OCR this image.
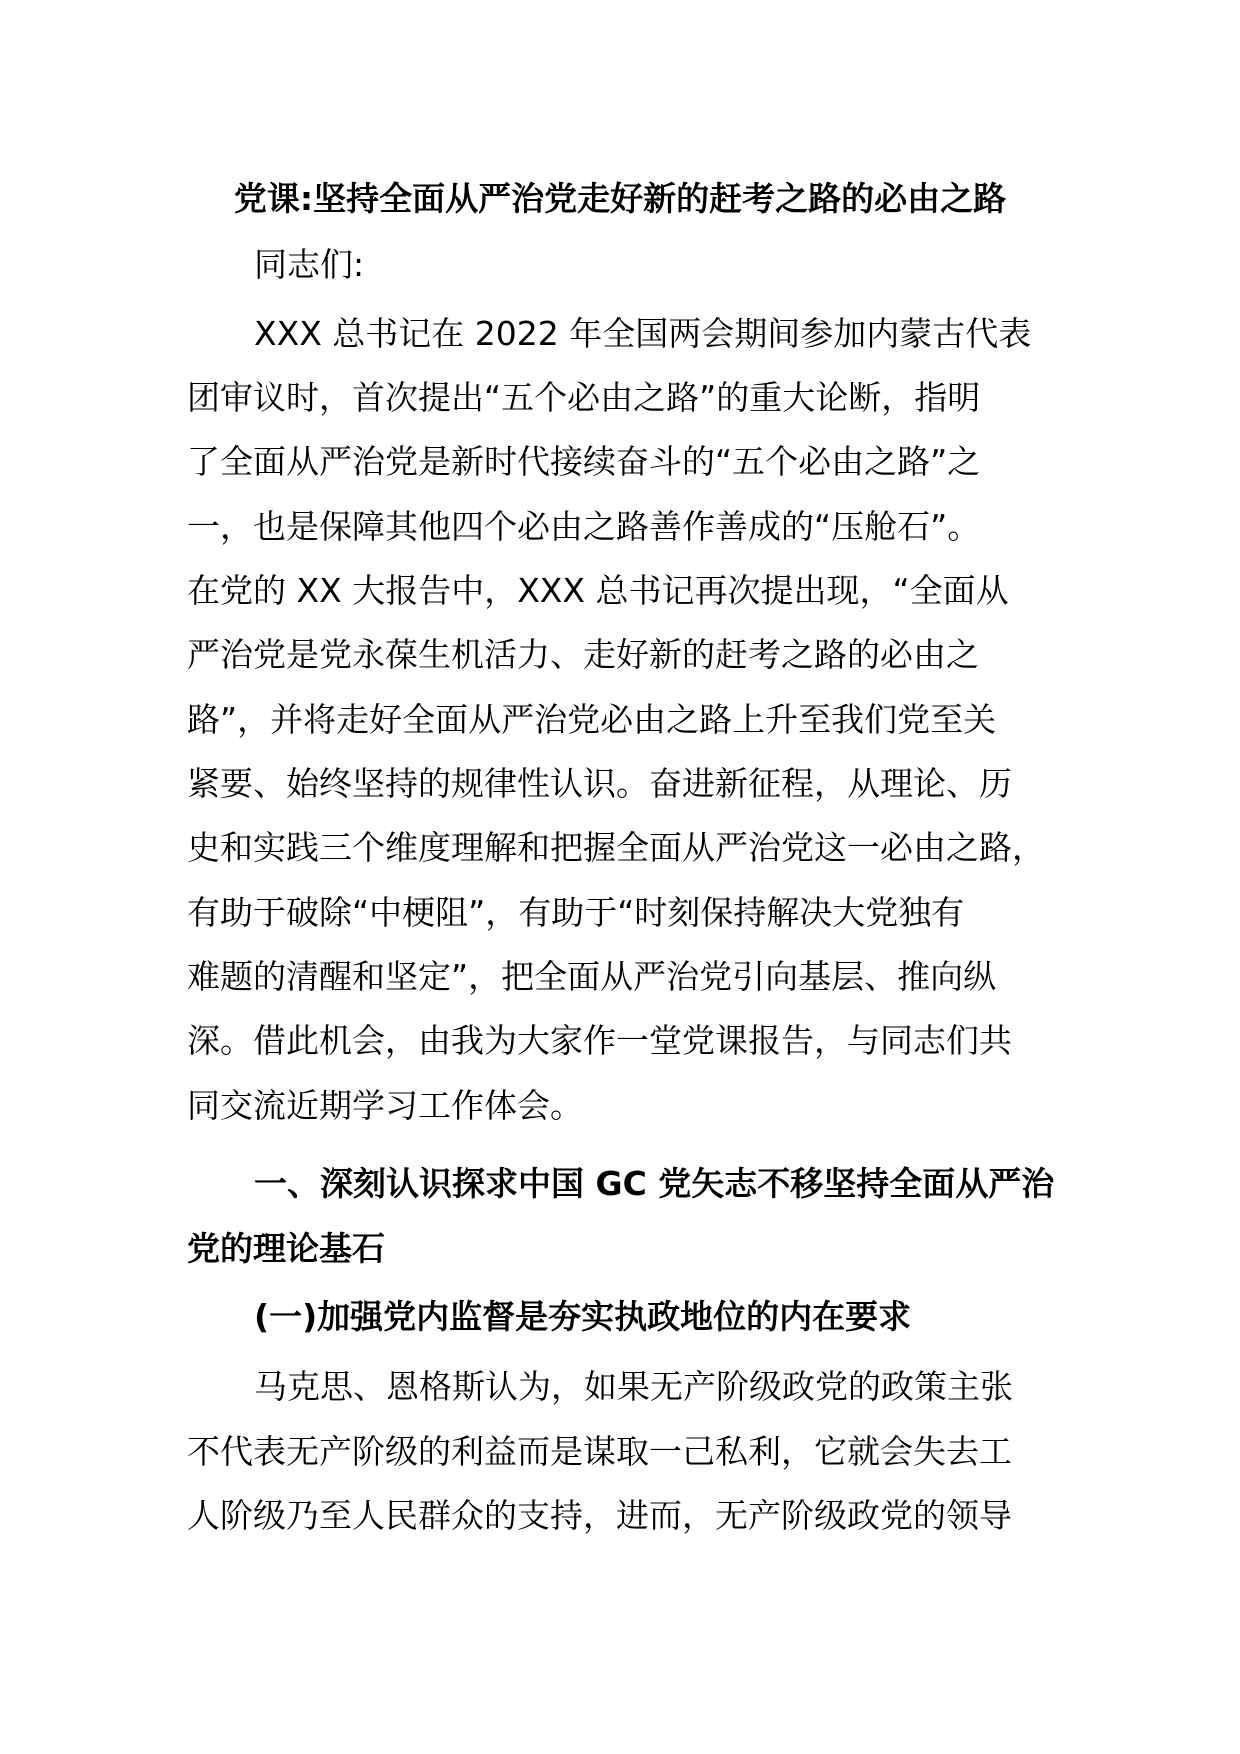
党课:坚持全面从严治党走好新的赶考之路的必由之路
同志们:
XXX 总书记在 2022 年全国两会期间参加内蒙古代表
团审议时，首次提出“五个必由之路”的重大论断，指明
了全面从严治党是新时代接续奋斗的“五个必由之路”之
一，也是保障其他四个必由之路善作善成的“压舱石”。
在党的 XX 大报告中，XXX 总书记再次提出现，“全面从
严治党是党永葆生机活力、走好新的赶考之路的必由之
路”，并将走好全面从严治党必由之路上升至我们党至关
紧要、始终坚持的规律性认识。奋进新征程，从理论、历
史和实践三个维度理解和把握全面从严治党这一必由之路，
有助于破除“中梗阻”，有助于“时刻保持解决大党独有
难题的清醒和坚定”，把全面从严治党引向基层、推向纵
深。借此机会，由我为大家作一堂党课报告，与同志们共
同交流近期学习工作体会。
一、深刻认识探求中国 GC 党矢志不移坚持全面从严治
党的理论基石
(一)加强党内监督是夯实执政地位的内在要求
马克思、恩格斯认为，如果无产阶级政党的政策主张
不代表无产阶级的利益而是谋取一己私利，它就会失去工
人阶级乃至人民群众的支持，进而，无产阶级政党的领导
